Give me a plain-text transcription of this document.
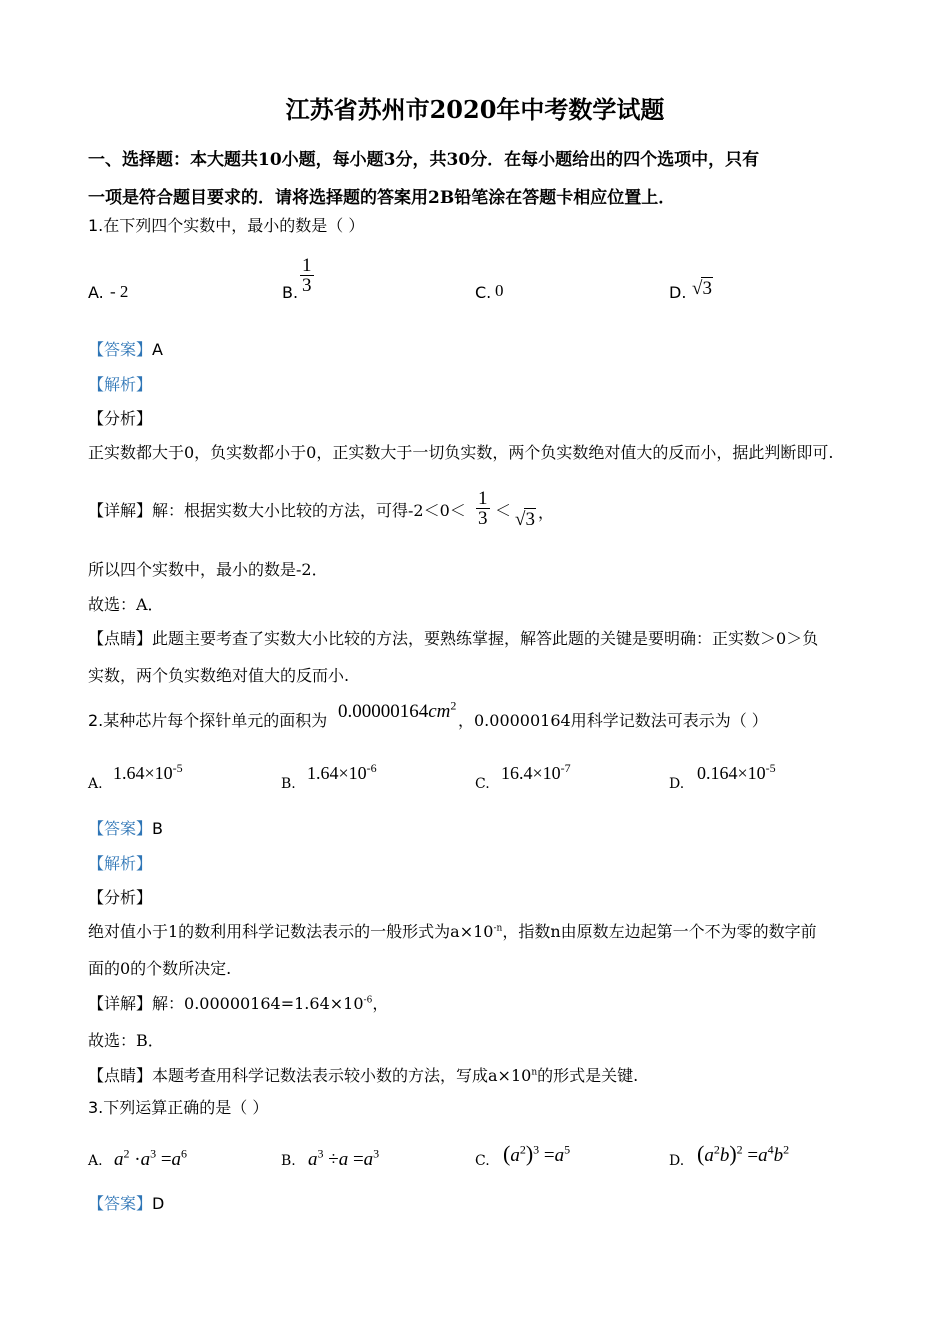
江苏省苏州市2020年中考数学试题
一、选择题：本大题共10小题，每小题3分，共30分．在每小题给出的四个选项中，只有
一项是符合题目要求的．请将选择题的答案用2B铅笔涂在答题卡相应位置上．
1.在下列四个实数中，最小的数是（ ）
A. - 2	B. $\frac{1}{3}$	C. 0	D. √ 3
【答案】A
【解析】
【分析】
正实数都大于0，负实数都小于0，正实数大于一切负实数，两个负实数绝对值大的反而小，据此判断即可.
【详解】解：根据实数大小比较的方法，可得$-2<0< \frac{1}{3}$ ＜ √ 3 ，
所以四个实数中，最小的数是-2．
故选：A．
【点睛】此题主要考查了实数大小比较的方法，要熟练掌握，解答此题的关键是要明确：正实数＞0＞负
实数，两个负实数绝对值大的反而小.
2.某种芯片每个探针单元的面积为 $0.00000164cm^2$
，0.00000164用科学记数法可表示为（ ）
A.
$1.64\times 10^{-5}$
B.
$1.64\times 10^{-6}$
C.
$16.4\times 10^{-7}$
D.
$0.164\times 10^{-5}$
【答案】B
【解析】
【分析】
绝对值小于1的数利用科学记数法表示的一般形式为$a\times 10^{-n}$，指数n由原数左边起第一个不为零的数字前
面的0的个数所决定.
【详解】解：$0.00000164=1.64\times 10^{-6}$，
故选：B．
【点睛】本题考查用科学记数法表示较小数的方法，写成$a\times 10^n$的形式是关键.
3.下列运算正确的是（ ）
A. $a^2 \cdot a^3 =a^6$	B. $a^3 \div a =a^3$	C. $(a^2)^3 =a^5$
D. $(a^2b)^2 =a^4b^2$
【答案】D
